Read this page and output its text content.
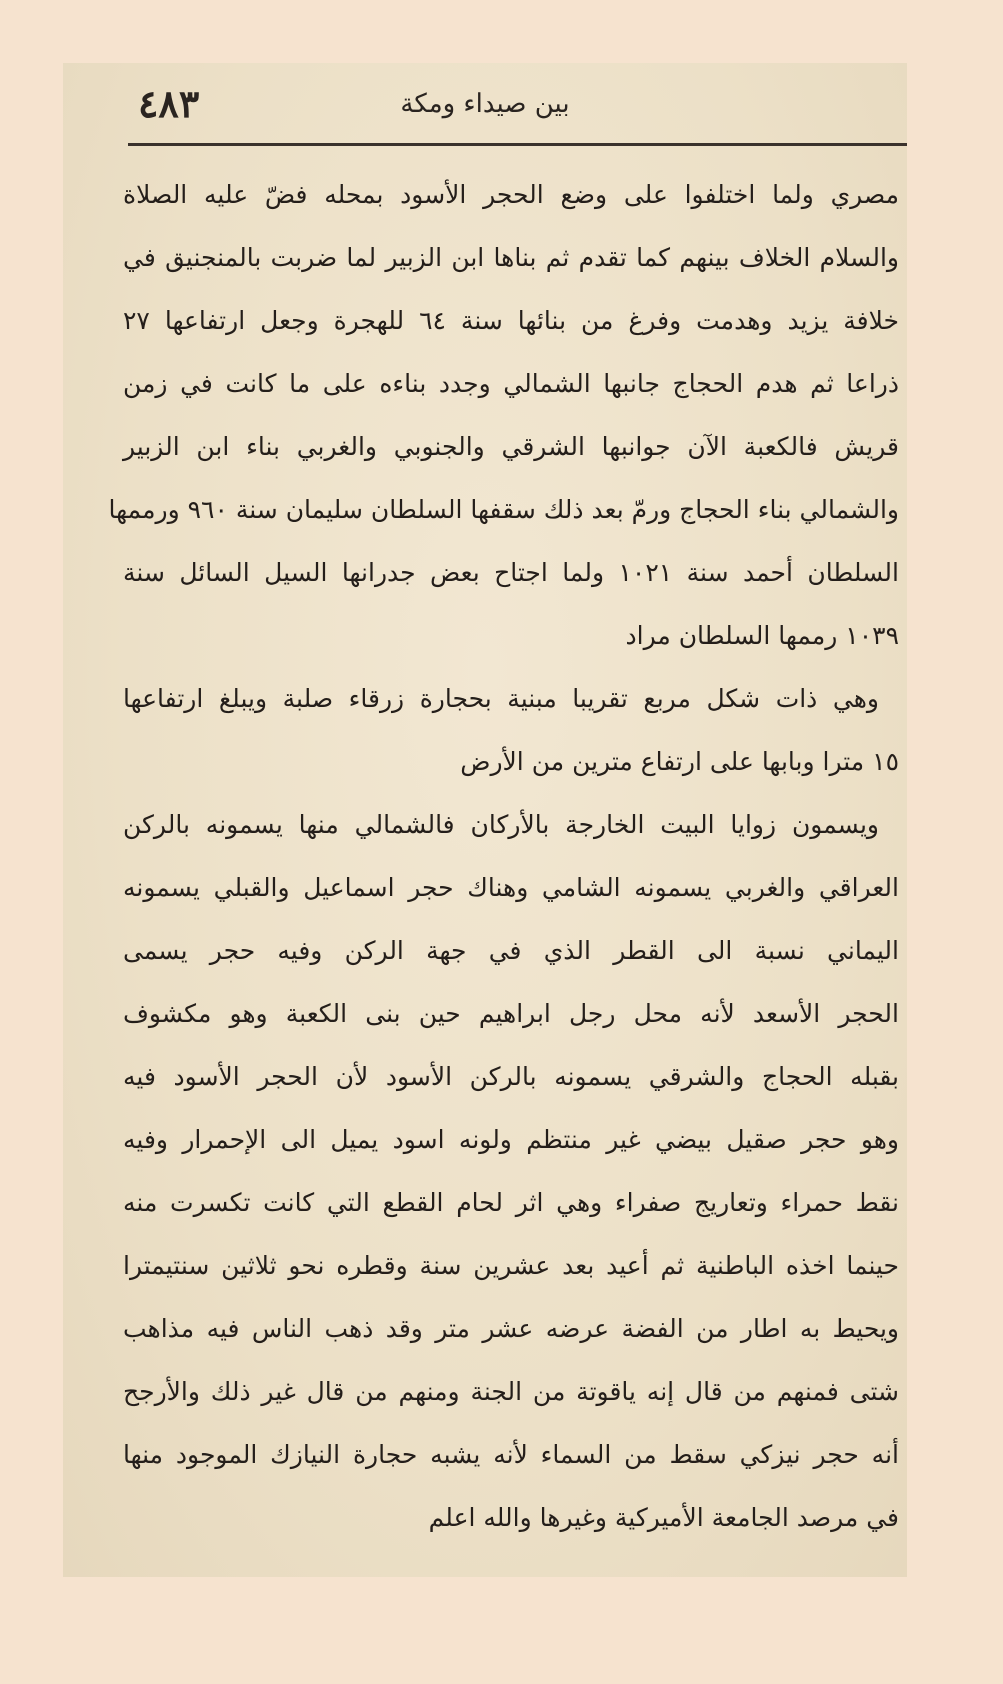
٤٨٣	بين صيداء ومكة
مصري ولما اختلفوا على وضع الحجر الأسود بمحله فضّ عليه الصلاة
والسلام الخلاف بينهم كما تقدم ثم بناها ابن الزبير لما ضربت بالمنجنيق في
خلافة يزيد وهدمت وفرغ من بنائها سنة ٦٤ للهجرة وجعل ارتفاعها ٢٧
ذراعا ثم هدم الحجاج جانبها الشمالي وجدد بناءه على ما كانت في زمن
قريش فالكعبة الآن جوانبها الشرقي والجنوبي والغربي بناء ابن الزبير
والشمالي بناء الحجاج ورمّ بعد ذلك سقفها السلطان سليمان سنة ٩٦٠ ورممها
السلطان أحمد سنة ١٠٢١ ولما اجتاح بعض جدرانها السيل السائل سنة
١٠٣٩ رممها السلطان مراد
وهي ذات شكل مربع تقريبا مبنية بحجارة زرقاء صلبة ويبلغ ارتفاعها
١٥ مترا وبابها على ارتفاع مترين من الأرض
ويسمون زوايا البيت الخارجة بالأركان فالشمالي منها يسمونه بالركن
العراقي والغربي يسمونه الشامي وهناك حجر اسماعيل والقبلي يسمونه
اليماني نسبة الى القطر الذي في جهة الركن وفيه حجر يسمى
الحجر الأسعد لأنه محل رجل ابراهيم حين بنى الكعبة وهو مكشوف
بقبله الحجاج والشرقي يسمونه بالركن الأسود لأن الحجر الأسود فيه
وهو حجر صقيل بيضي غير منتظم ولونه اسود يميل الى الإحمرار وفيه
نقط حمراء وتعاريج صفراء وهي اثر لحام القطع التي كانت تكسرت منه
حينما اخذه الباطنية ثم أعيد بعد عشرين سنة وقطره نحو ثلاثين سنتيمترا
ويحيط به اطار من الفضة عرضه عشر متر وقد ذهب الناس فيه مذاهب
شتى فمنهم من قال إنه ياقوتة من الجنة ومنهم من قال غير ذلك والأرجح
أنه حجر نيزكي سقط من السماء لأنه يشبه حجارة النيازك الموجود منها
في مرصد الجامعة الأميركية وغيرها والله اعلم
